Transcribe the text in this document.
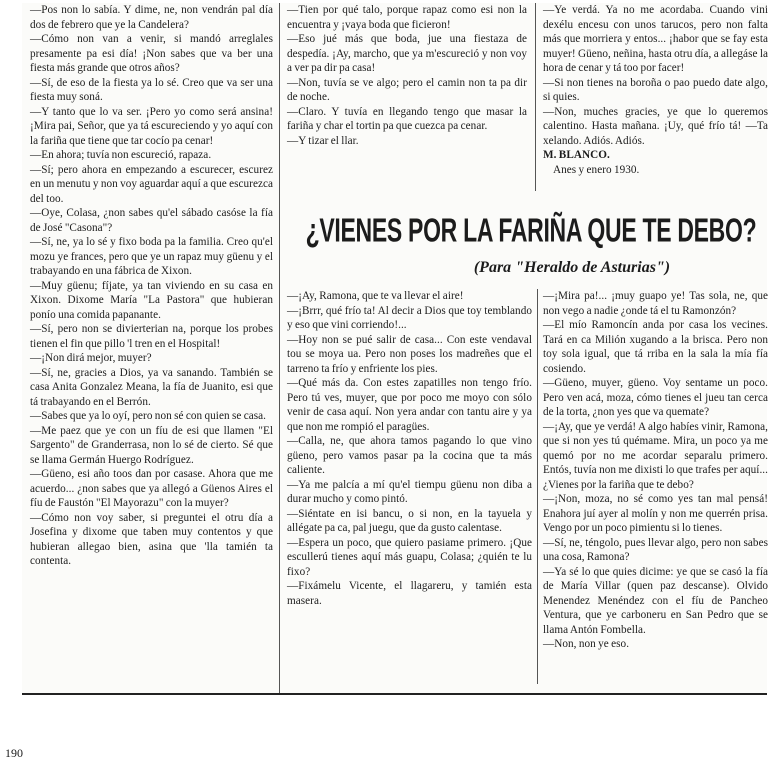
—Pos non lo sabía. Y dime, ne, non vendrán pal día dos de febrero que ye la Candelera?

—Cómo non van a venir, si mandó arreglales presamente pa esi día! ¡Non sabes que va ber una fiesta más grande que otros años?

—Sí, de eso de la fiesta ya lo sé. Creo que va ser una fiesta muy soná.

—Y tanto que lo va ser. ¡Pero yo como será ansina! ¡Mira pai, Señor, que ya tá escureciendo y yo aquí con la fariña que tiene que tar cocío pa cenar!

—En ahora; tuvía non escureció, rapaza.

—Sí; pero ahora en empezando a escurecer, escurez en un menutu y non voy aguardar aquí a que escurezca del too.

—Oye, Colasa, ¿non sabes qu'el sábado casóse la fía de José "Casona"?

—Sí, ne, ya lo sé y fixo boda pa la familia. Creo qu'el mozu ye frances, pero que ye un rapaz muy güenu y el trabayando en una fábrica de Xixon.

—Muy güenu; fíjate, ya tan viviendo en su casa en Xixon. Dixome María "La Pastora" que hubieran ponío una comida papanante.

—Sí, pero non se divierterian na, porque los probes tienen el fin que pillo 'l tren en el Hospital!

—¡Non dirá mejor, muyer?

—Sí, ne, gracies a Dios, ya va sanando. También se casa Anita Gonzalez Meana, la fía de Juanito, esi que tá trabayando en el Berrón.

—Sabes que ya lo oyí, pero non sé con quien se casa.

—Me paez que ye con un fíu de esi que llamen "El Sargento" de Granderrasa, non lo sé de cierto. Sé que se llama Germán Huergo Rodríguez.

—Güeno, esi año toos dan por casase. Ahora que me acuerdo... ¿non sabes que ya allegó a Güenos Aires el fíu de Faustón "El Mayorazu" con la muyer?

—Cómo non voy saber, si preguntei el otru día a Josefina y dixome que taben muy contentos y que hubieran allegao bien, asina que 'lla tamién ta contenta.

—Tien por qué talo, porque rapaz como esi non la encuentra y ¡vaya boda que ficieron!

—Eso jué más que boda, jue una fiestaza de despedía. ¡Ay, marcho, que ya m'escureció y non voy a ver pa dir pa casa!

—Non, tuvía se ve algo; pero el camin non ta pa dir de noche.

—Claro. Y tuvía en llegando tengo que masar la fariña y char el tortin pa que cuezca pa cenar.

—Y tizar el llar.

—Ye verdá. Ya no me acordaba. Cuando vini dexélu encesu con unos tarucos, pero non falta más que morriera y entos... ¡habor que se fay esta muyer! Güeno, neñina, hasta otru día, a allegáse la hora de cenar y tá too por facer!

—Si non tienes na boroña o pao puedo date algo, si quies.

—Non, muches gracies, ye que lo queremos calentino. Hasta mañana. ¡Uy, qué frío tá! —Ta xelando. Adiós. Adiós.

M. BLANCO.

Anes y enero 1930.

¿VIENES POR LA FARIÑA QUE TE DEBO?
(Para "Heraldo de Asturias")

—¡Ay, Ramona, que te va llevar el aire!

—¡Brrr, qué frío ta! Al decir a Dios que toy temblando y eso que vini corriendo!...

—Hoy non se pué salir de casa... Con este vendaval tou se moya ua. Pero non poses los madreñes que el tarreno ta frío y enfriente los pies.

—Qué más da. Con estes zapatilles non tengo frío. Pero tú ves, muyer, que por poco me moyo con sólo venir de casa aquí. Non yera andar con tantu aire y ya que non me rompió el paragües.

—Calla, ne, que ahora tamos pagando lo que vino güeno, pero vamos pasar pa la cocina que ta más caliente.

—Ya me palcía a mí qu'el tiempu güenu non diba a durar mucho y como pintó.

—Siéntate en isi bancu, o si non, en la tayuela y allégate pa ca, pal juegu, que da gusto calentase.

—Espera un poco, que quiero pasiame primero. ¡Que escullerú tienes aquí más guapu, Colasa; ¿quién te lu fixo?

—Fixámelu Vicente, el llagareru, y tamién esta masera.

—¡Mira pa!... ¡muy guapo ye! Tas sola, ne, que non vego a nadie ¿onde tá el tu Ramonzón?

—El mío Ramoncín anda por casa los vecines. Tará en ca Milión xugando a la brisca. Pero non toy sola igual, que tá rriba en la sala la mía fía cosiendo.

—Güeno, muyer, güeno. Voy sentame un poco. Pero ven acá, moza, cómo tienes el jueu tan cerca de la torta, ¿non yes que va quemate?

—¡Ay, que ye verdá! A algo habíes vinir, Ramona, que si non yes tú quémame. Mira, un poco ya me quemó por no me acordar separalu primero. Entós, tuvía non me dixisti lo que trafes per aquí... ¿Vienes por la fariña que te debo?

—¡Non, moza, no sé como yes tan mal pensá! Enahora juí ayer al molín y non me querrén prisa. Vengo por un poco pimientu si lo tienes.

—Sí, ne, téngolo, pues llevar algo, pero non sabes una cosa, Ramona?

—Ya sé lo que quies dicime: ye que se casó la fía de María Villar (quen paz descanse). Olvido Menendez Menéndez con el fíu de Pancheo Ventura, que ye carboneru en San Pedro que se llama Antón Fombella.

—Non, non ye eso.

190
